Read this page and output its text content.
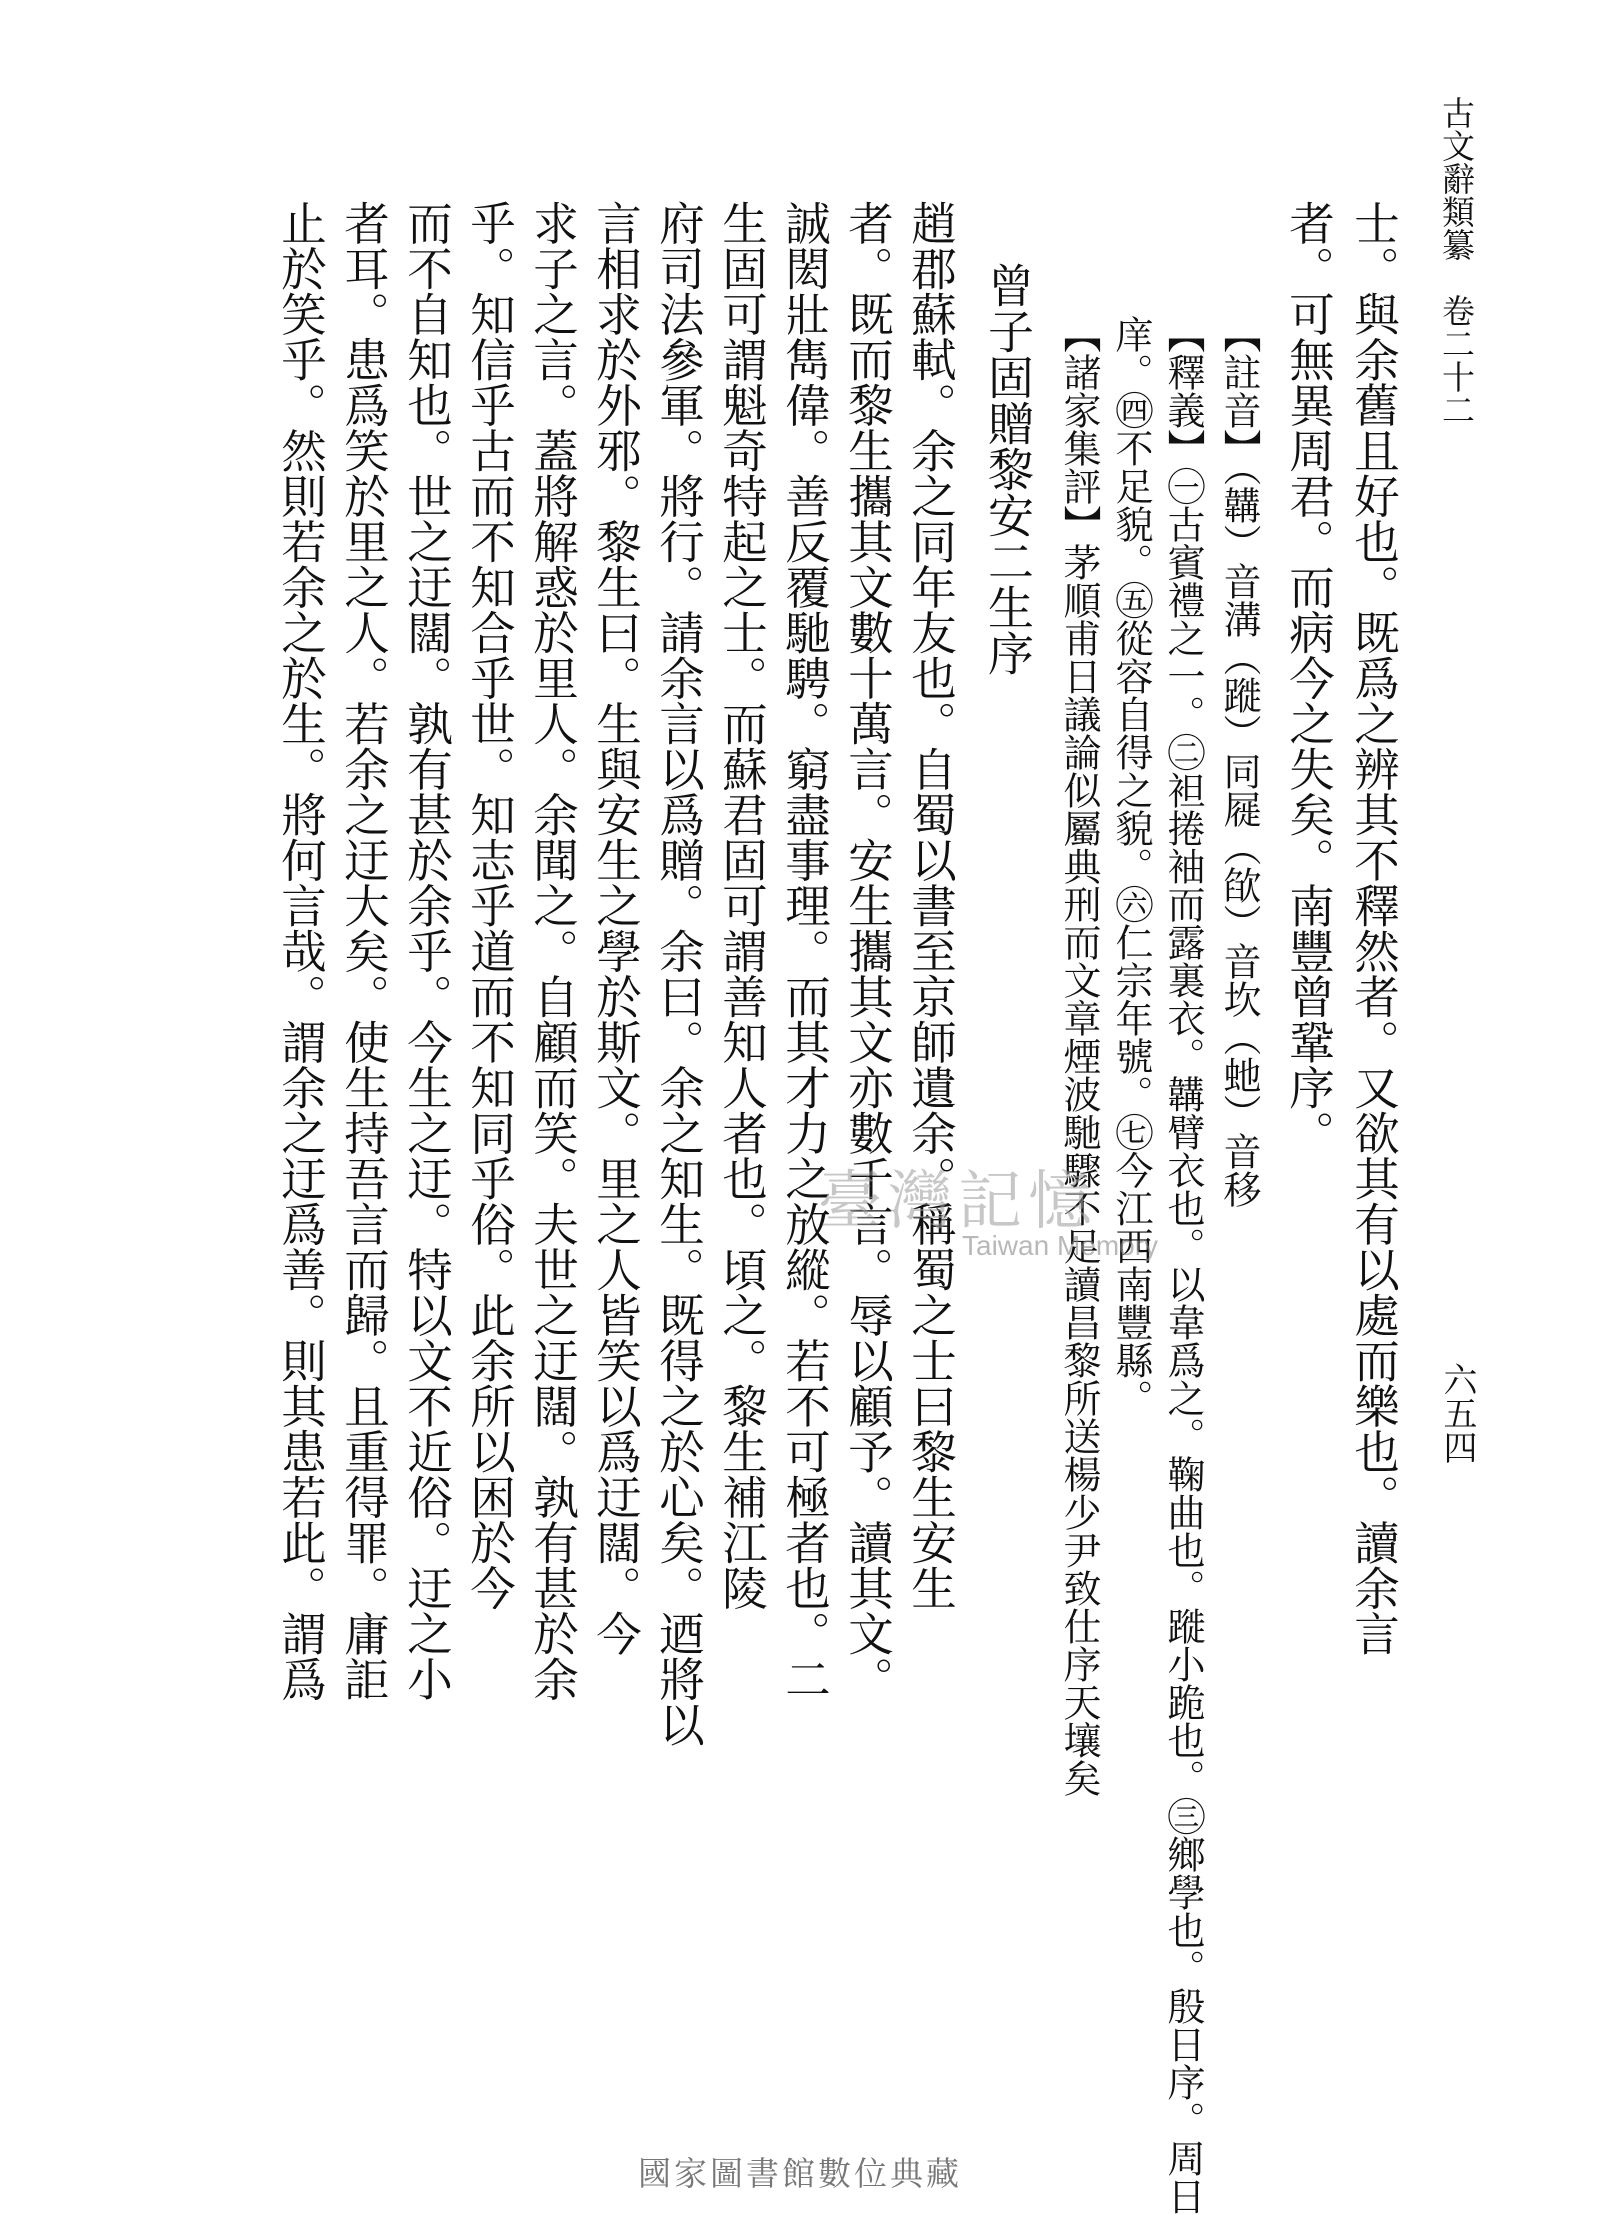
古文辭類纂　卷二十二
六五四
士。與余舊且好也。既爲之辨其不釋然者。又欲其有以處而樂也。讀余言
者。可無異周君。而病今之失矣。南豐曾鞏序。
【註音】（韝）音溝（蹝）同屣（欿）音坎（虵）音移
【釋義】㊀古賓禮之一。㊁袒捲袖而露裏衣。韝臂衣也。以韋爲之。鞠曲也。蹝小跪也。㊂鄉學也。殷日序。周日
庠。㊃不足貌。㊄從容自得之貌。㊅仁宗年號。㊆今江西南豐縣。
【諸家集評】茅順甫日議論似屬典刑而文章煙波馳驟不足讀昌黎所送楊少尹致仕序天壤矣
曾子固贈黎安二生序
趙郡蘇軾。余之同年友也。自蜀以書至京師遺余。稱蜀之士曰黎生安生
者。既而黎生攜其文數十萬言。安生攜其文亦數千言。辱以顧予。讀其文。
誠閎壯雋偉。善反覆馳騁。窮盡事理。而其才力之放縱。若不可極者也。二
生固可謂魁奇特起之士。而蘇君固可謂善知人者也。頃之。黎生補江陵
府司法參軍。將行。請余言以爲贈。余曰。余之知生。既得之於心矣。迺將以
言相求於外邪。黎生曰。生與安生之學於斯文。里之人皆笑以爲迂闊。今
求子之言。蓋將解惑於里人。余聞之。自顧而笑。夫世之迂闊。孰有甚於余
乎。知信乎古而不知合乎世。知志乎道而不知同乎俗。此余所以困於今
而不自知也。世之迂闊。孰有甚於余乎。今生之迂。特以文不近俗。迂之小
者耳。患爲笑於里之人。若余之迂大矣。使生持吾言而歸。且重得罪。庸詎
止於笑乎。然則若余之於生。將何言哉。謂余之迂爲善。則其患若此。謂爲	臺灣記憶
Taiwan Memory
國家圖書館數位典藏
